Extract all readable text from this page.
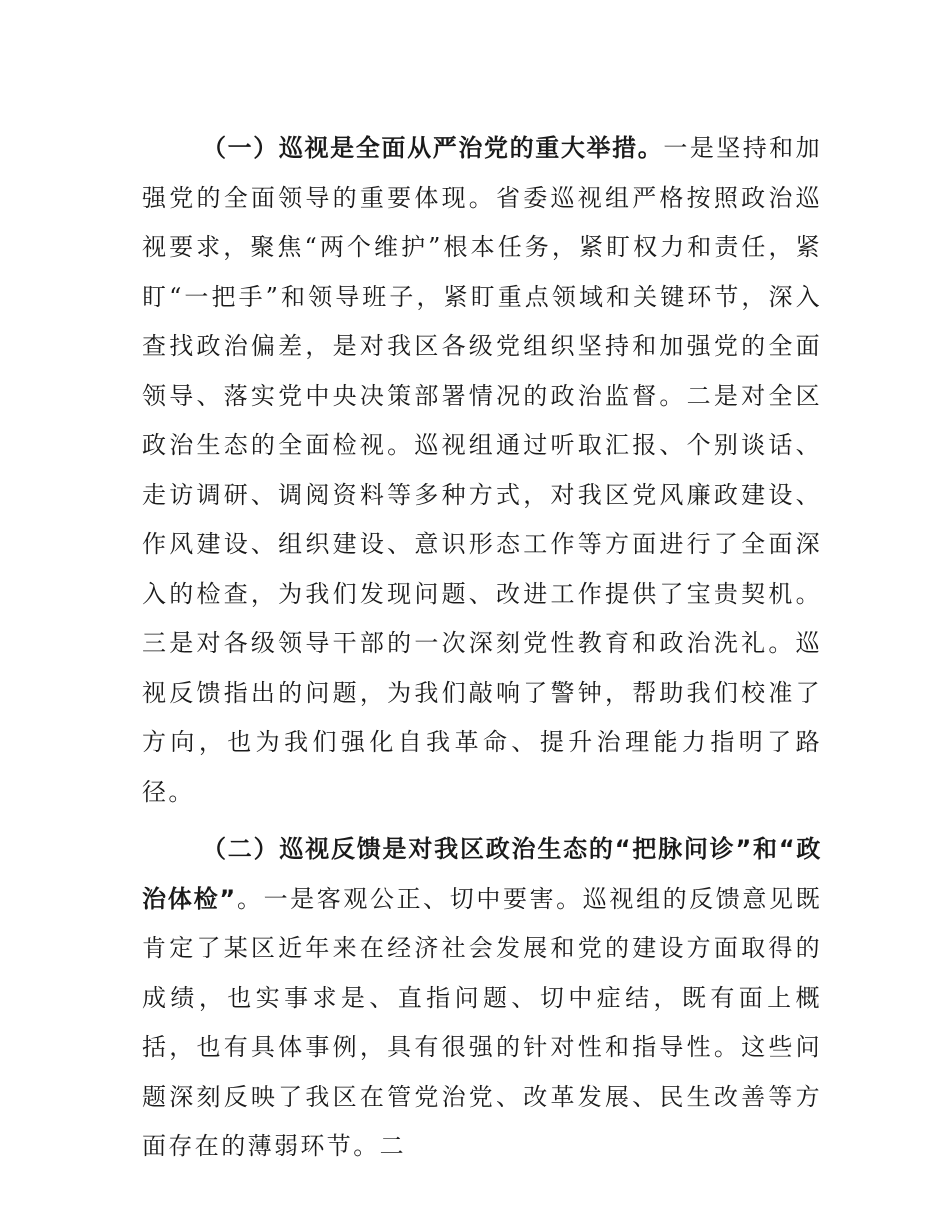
（一）巡视是全面从严治党的重大举措。一是坚持和加强党的全面领导的重要体现。省委巡视组严格按照政治巡视要求，聚焦“两个维护”根本任务，紧盯权力和责任，紧盯“一把手”和领导班子，紧盯重点领域和关键环节，深入查找政治偏差，是对我区各级党组织坚持和加强党的全面领导、落实党中央决策部署情况的政治监督。二是对全区政治生态的全面检视。巡视组通过听取汇报、个别谈话、走访调研、调阅资料等多种方式，对我区党风廉政建设、作风建设、组织建设、意识形态工作等方面进行了全面深入的检查，为我们发现问题、改进工作提供了宝贵契机。三是对各级领导干部的一次深刻党性教育和政治洗礼。巡视反馈指出的问题，为我们敲响了警钟，帮助我们校准了方向，也为我们强化自我革命、提升治理能力指明了路径。

（二）巡视反馈是对我区政治生态的“把脉问诊”和“政治体检”。一是客观公正、切中要害。巡视组的反馈意见既肯定了某区近年来在经济社会发展和党的建设方面取得的成绩，也实事求是、直指问题、切中症结，既有面上概括，也有具体事例，具有很强的针对性和指导性。这些问题深刻反映了我区在管党治党、改革发展、民生改善等方面存在的薄弱环节。二
